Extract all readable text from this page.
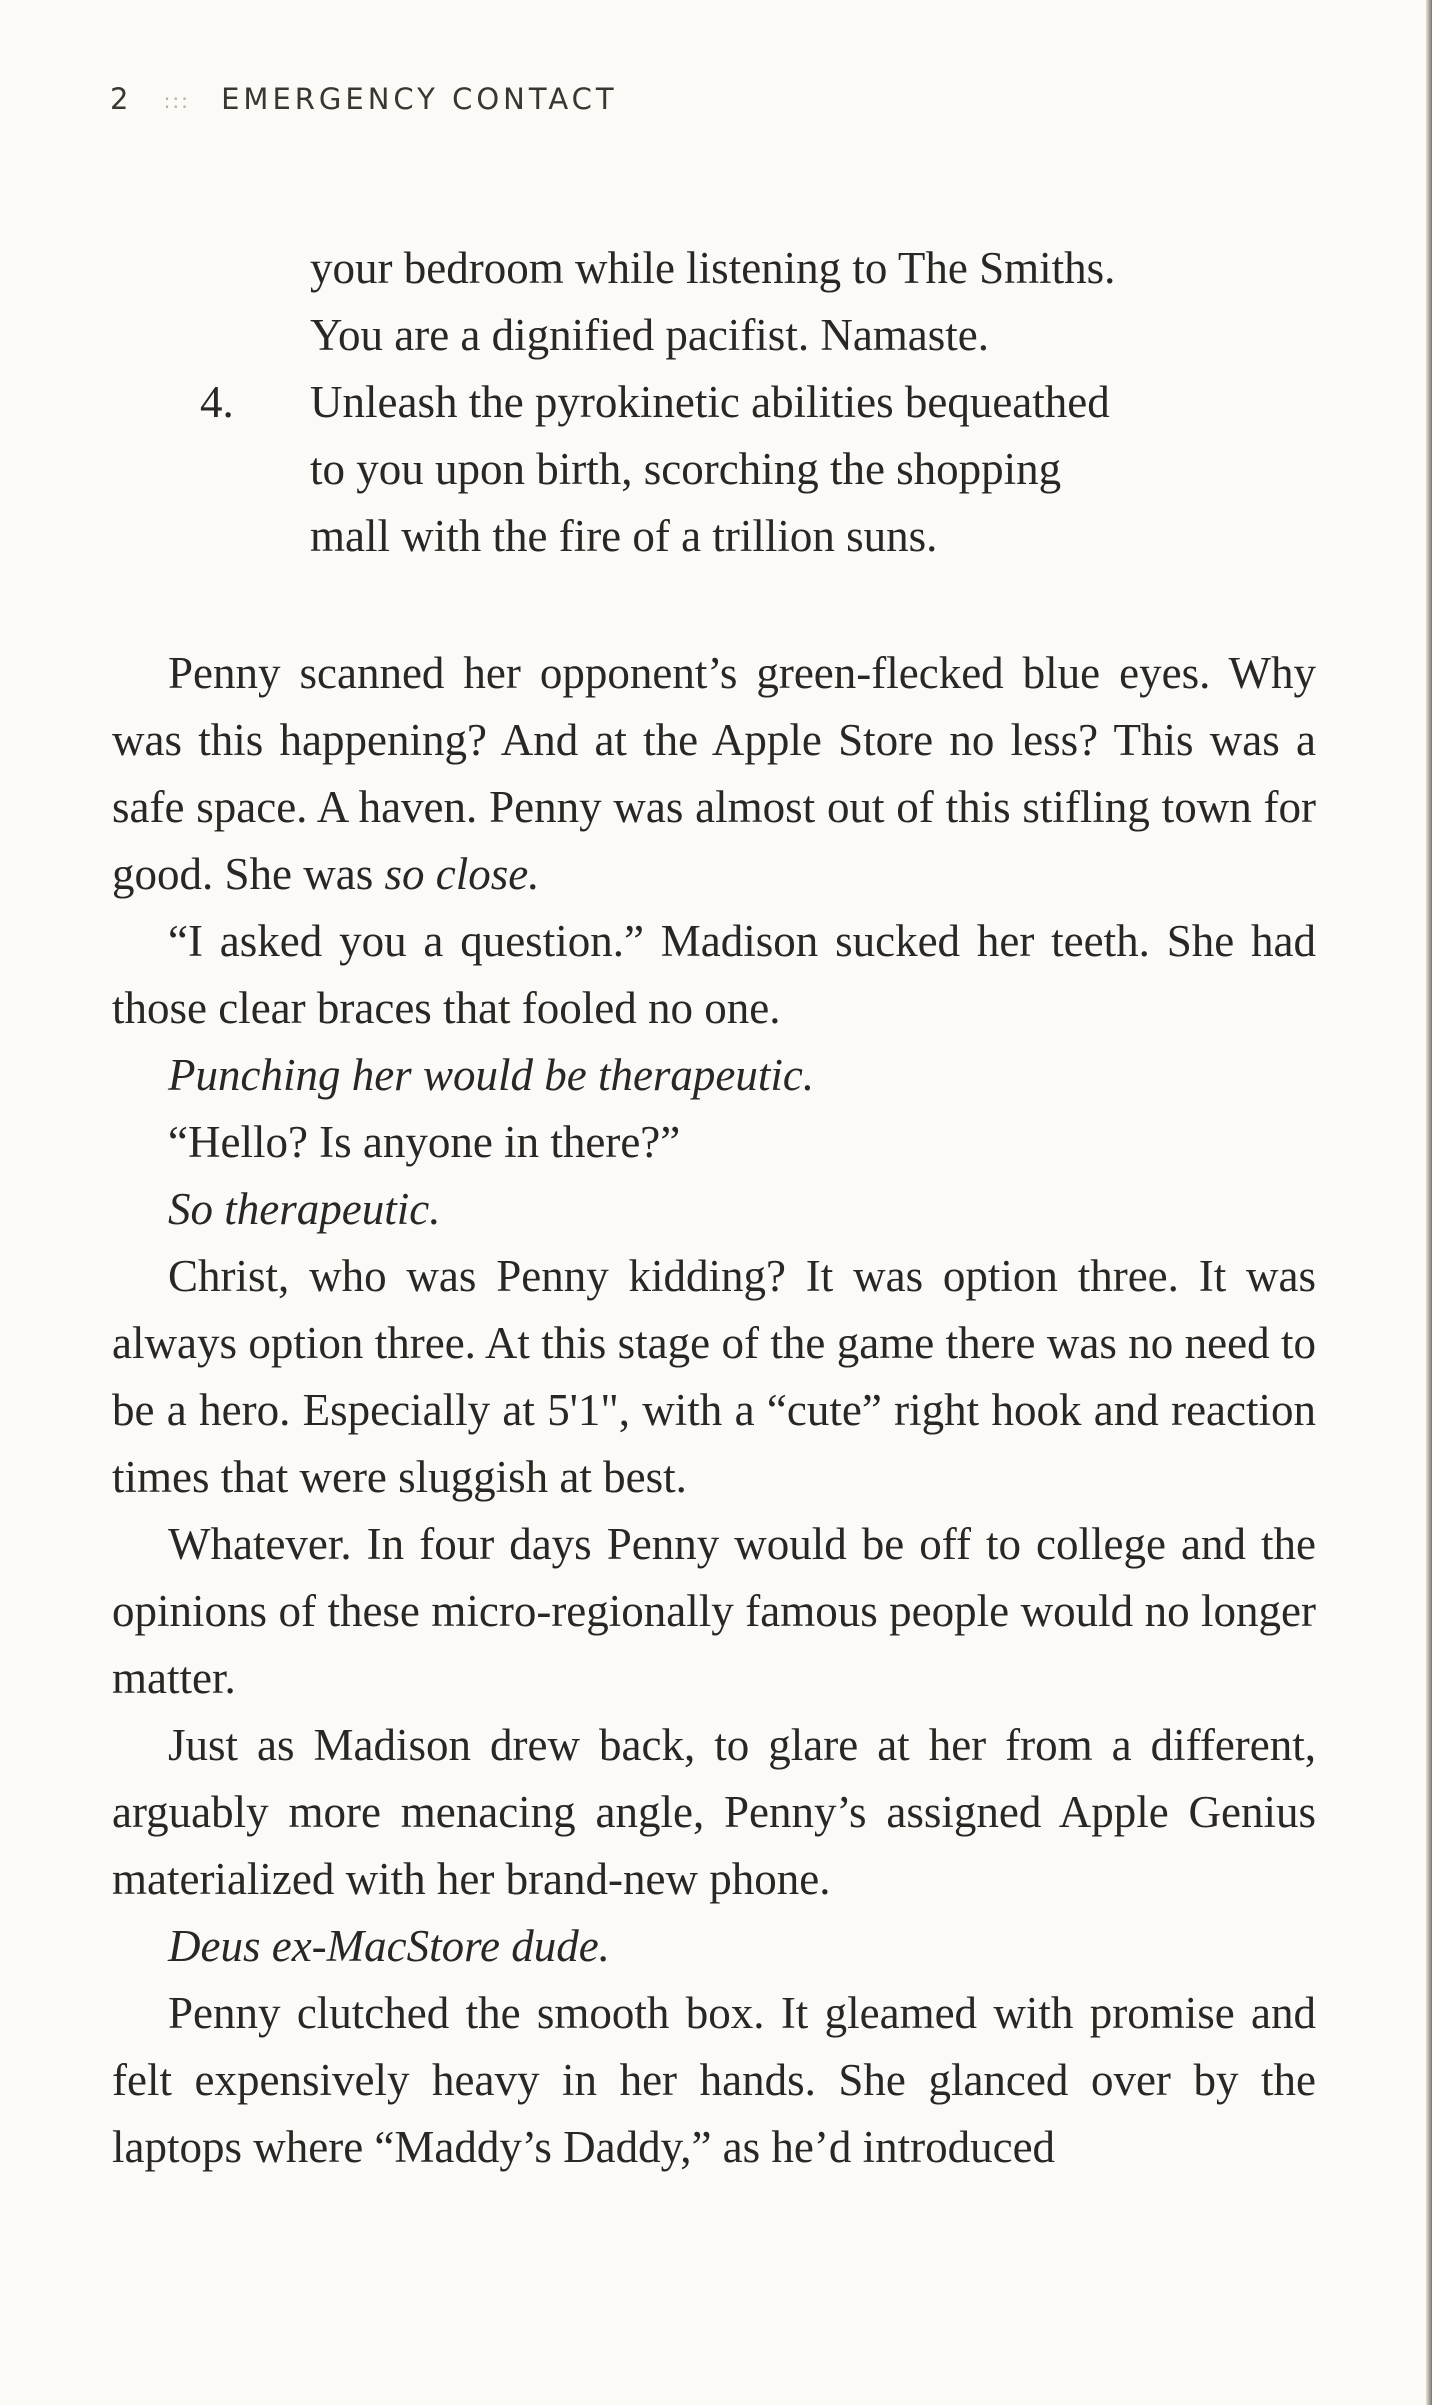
2 ::: EMERGENCY CONTACT
your bedroom while listening to The Smiths.
You are a dignified pacifist. Namaste.
4. Unleash the pyrokinetic abilities bequeathed
to you upon birth, scorching the shopping
mall with the fire of a trillion suns.

Penny scanned her opponent’s green-flecked blue eyes. Why was this happening? And at the Apple Store no less? This was a safe space. A haven. Penny was almost out of this stifling town for good. She was so close.

“I asked you a question.” Madison sucked her teeth. She had those clear braces that fooled no one.

Punching her would be therapeutic.

“Hello? Is anyone in there?”

So therapeutic.

Christ, who was Penny kidding? It was option three. It was always option three. At this stage of the game there was no need to be a hero. Especially at 5'1", with a “cute” right hook and reaction times that were sluggish at best.

Whatever. In four days Penny would be off to college and the opinions of these micro-regionally famous people would no longer matter.

Just as Madison drew back, to glare at her from a different, arguably more menacing angle, Penny’s assigned Apple Genius materialized with her brand-new phone.

Deus ex-MacStore dude.

Penny clutched the smooth box. It gleamed with promise and felt expensively heavy in her hands. She glanced over by the laptops where “Maddy’s Daddy,” as he’d introduced
